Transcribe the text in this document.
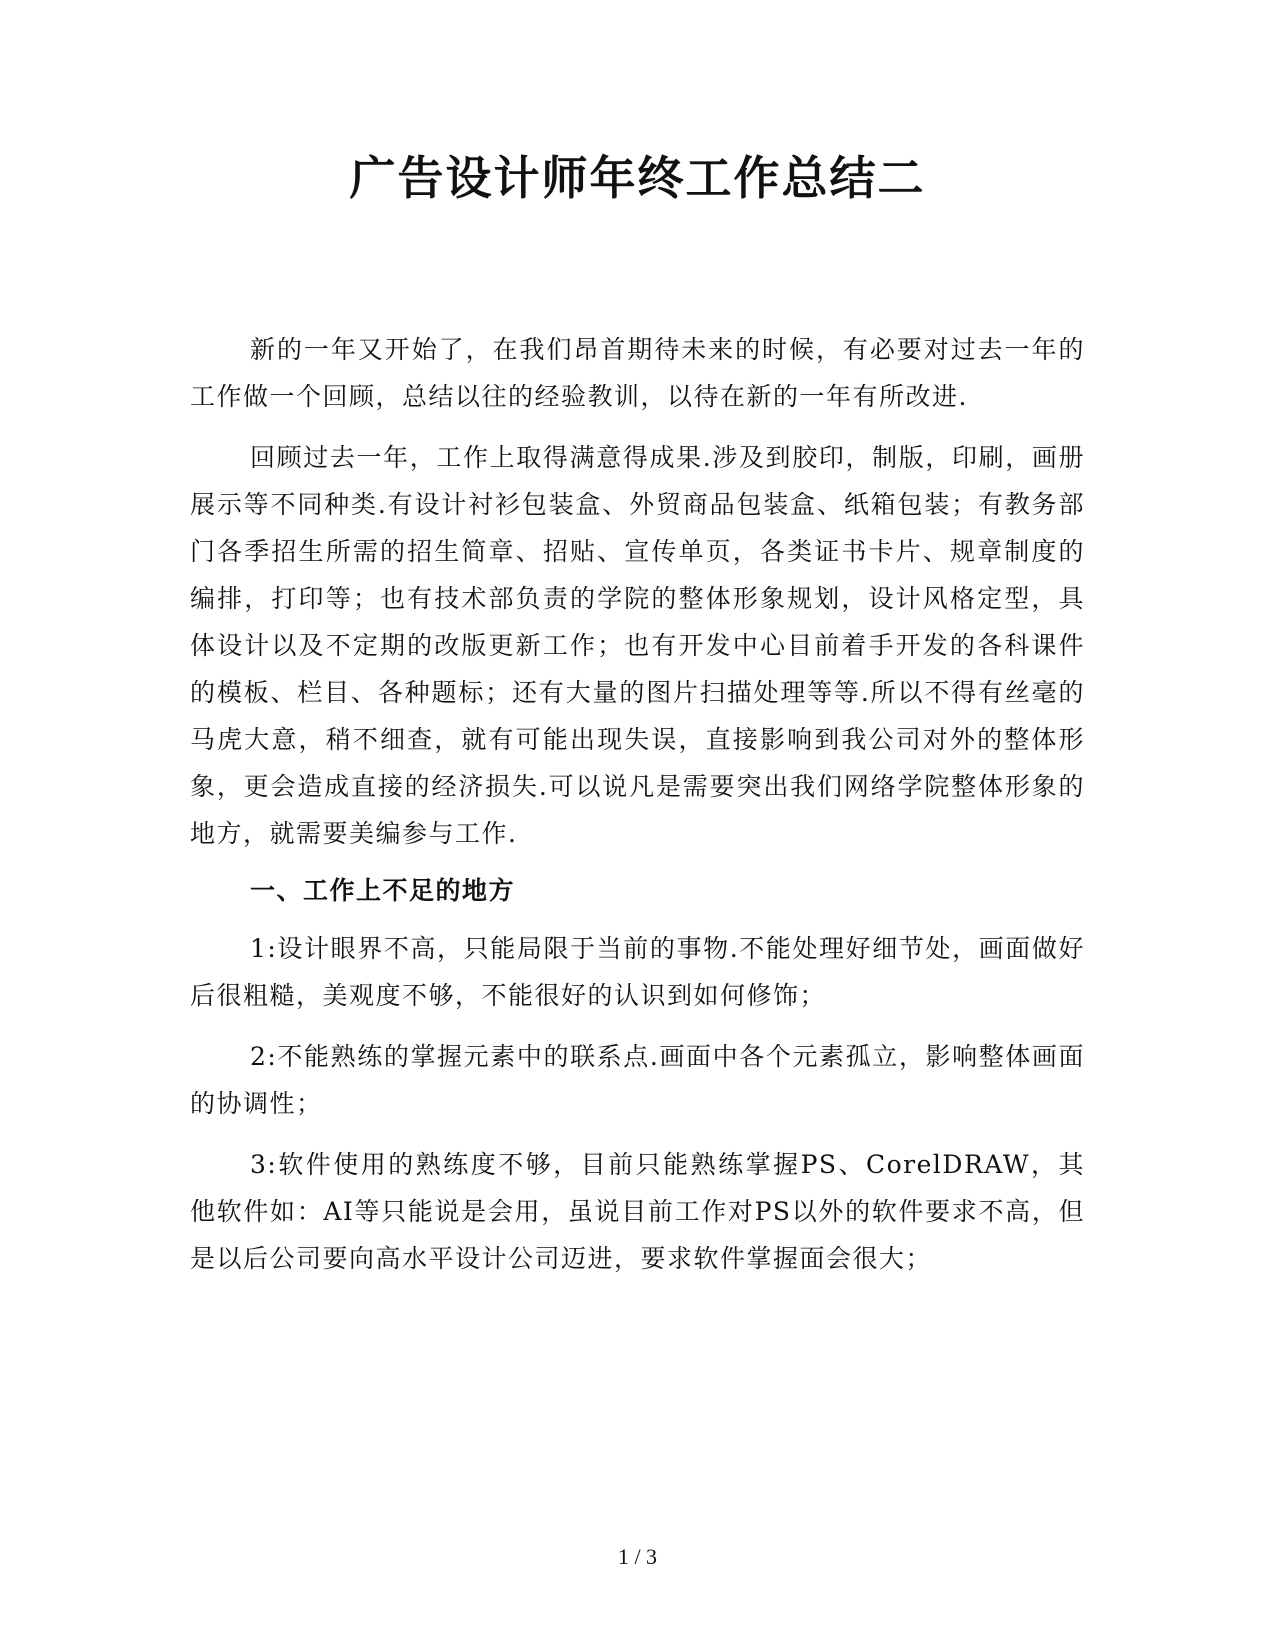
广告设计师年终工作总结二

新的一年又开始了，在我们昂首期待未来的时候，有必要对过去一年的工作做一个回顾，总结以往的经验教训，以待在新的一年有所改进.

回顾过去一年，工作上取得满意得成果.涉及到胶印，制版，印刷，画册展示等不同种类.有设计衬衫包装盒、外贸商品包装盒、纸箱包装；有教务部门各季招生所需的招生简章、招贴、宣传单页，各类证书卡片、规章制度的编排，打印等；也有技术部负责的学院的整体形象规划，设计风格定型，具体设计以及不定期的改版更新工作；也有开发中心目前着手开发的各科课件的模板、栏目、各种题标；还有大量的图片扫描处理等等.所以不得有丝毫的马虎大意，稍不细查，就有可能出现失误，直接影响到我公司对外的整体形象，更会造成直接的经济损失.可以说凡是需要突出我们网络学院整体形象的地方，就需要美编参与工作.

一、工作上不足的地方

1:设计眼界不高，只能局限于当前的事物.不能处理好细节处，画面做好后很粗糙，美观度不够，不能很好的认识到如何修饰；

2:不能熟练的掌握元素中的联系点.画面中各个元素孤立，影响整体画面的协调性；

3:软件使用的熟练度不够，目前只能熟练掌握PS、CorelDRAW，其他软件如：AI等只能说是会用，虽说目前工作对PS以外的软件要求不高，但是以后公司要向高水平设计公司迈进，要求软件掌握面会很大；

1 / 3
